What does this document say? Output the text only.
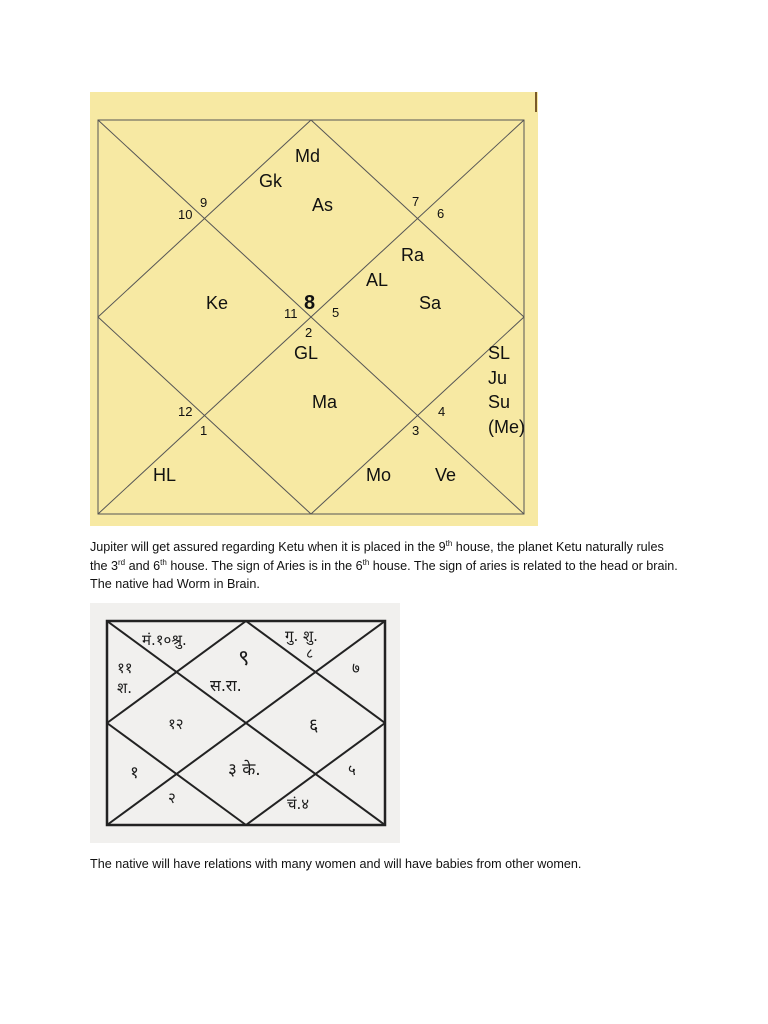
Md
Gk
As
Ra
AL
Ke	Sa
GL	SL
Ju
Ma	Su
(Me)
HL	Mo Ve
9
10
7
6
8
11	5
2
12
1
4
3

Jupiter will get assured regarding Ketu when it is placed in the 9th house, the planet Ketu naturally rules the 3rd and 6th house. The sign of Aries is in the 6th house. The sign of aries is related to the head or brain. The native had Worm in Brain.

मं.१०श्रु.	गु. शु.
८
११
श.
९
स.रा.
७
१२	६
१	३ के.	५
२	चं.४

The native will have relations with many women and will have babies from other women.
